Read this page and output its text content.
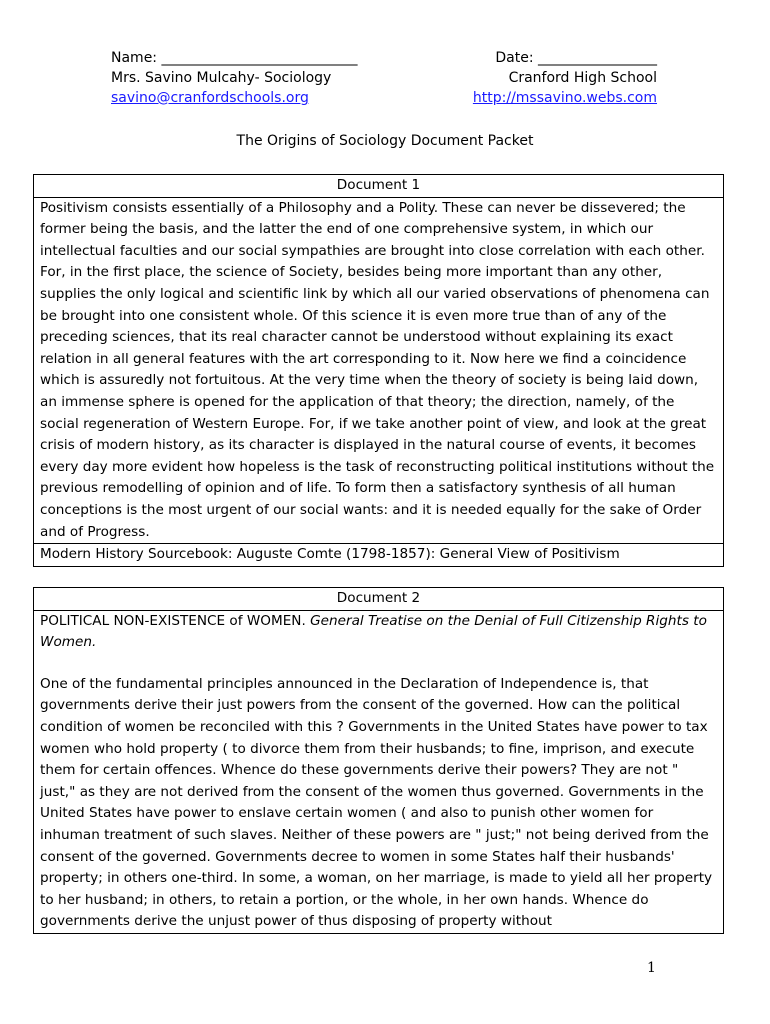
Name: ____________________________	Date: _________________
Mrs. Savino Mulcahy- Sociology	Cranford High School
savino@cranfordschools.org	http://mssavino.webs.com
The Origins of Sociology Document Packet
Document 1
Positivism consists essentially of a Philosophy and a Polity. These can never be dissevered; the former being the basis, and the latter the end of one comprehensive system, in which our intellectual faculties and our social sympathies are brought into close correlation with each other. For, in the first place, the science of Society, besides being more important than any other, supplies the only logical and scientific link by which all our varied observations of phenomena can be brought into one consistent whole. Of this science it is even more true than of any of the preceding sciences, that its real character cannot be understood without explaining its exact relation in all general features with the art corresponding to it. Now here we find a coincidence which is assuredly not fortuitous. At the very time when the theory of society is being laid down, an immense sphere is opened for the application of that theory; the direction, namely, of the social regeneration of Western Europe. For, if we take another point of view, and look at the great crisis of modern history, as its character is displayed in the natural course of events, it becomes every day more evident how hopeless is the task of reconstructing political institutions without the previous remodelling of opinion and of life. To form then a satisfactory synthesis of all human conceptions is the most urgent of our social wants: and it is needed equally for the sake of Order and of Progress.
Modern History Sourcebook: Auguste Comte (1798-1857): General View of Positivism
Document 2

POLITICAL NON-EXISTENCE of WOMEN. General Treatise on the Denial of Full Citizenship Rights to Women.

One of the fundamental principles announced in the Declaration of Independence is, that governments derive their just powers from the consent of the governed. How can the political condition of women be reconciled with this ? Governments in the United States have power to tax women who hold property ( to divorce them from their husbands; to fine, imprison, and execute them for certain offences. Whence do these governments derive their powers? They are not " just," as they are not derived from the consent of the women thus governed. Governments in the United States have power to enslave certain women ( and also to punish other women for inhuman treatment of such slaves. Neither of these powers are " just;" not being derived from the consent of the governed. Governments decree to women in some States half their husbands' property; in others one-third. In some, a woman, on her marriage, is made to yield all her property to her husband; in others, to retain a portion, or the whole, in her own hands. Whence do governments derive the unjust power of thus disposing of property without

1
